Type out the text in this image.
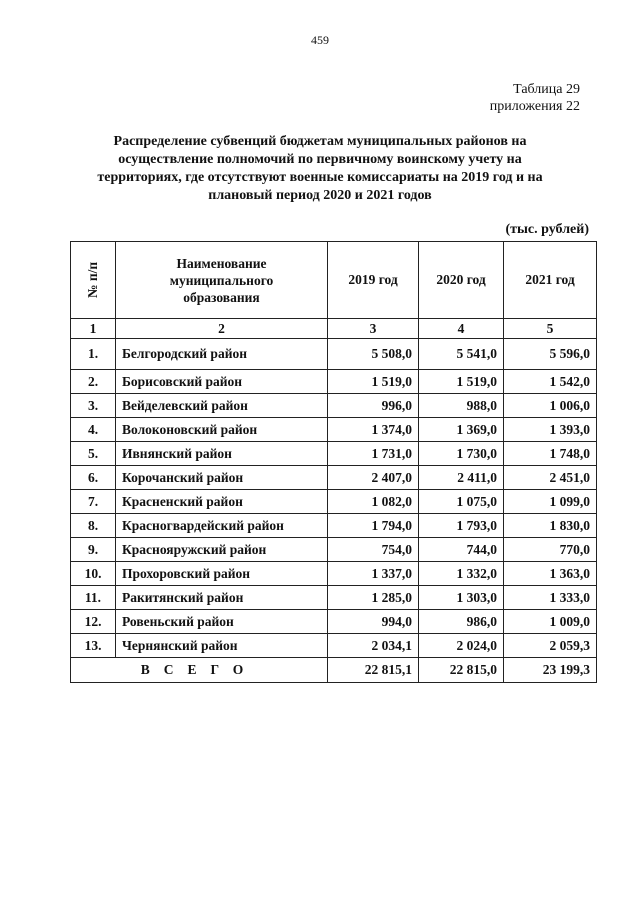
459
Таблица 29
приложения 22
Распределение субвенций бюджетам муниципальных районов на
осуществление полномочий по первичному воинскому учету на
территориях, где отсутствуют военные комиссариаты на 2019 год и на
плановый период 2020 и 2021 годов
(тыс. рублей)
№ п/п	Наименование
муниципального
образования	2019 год	2020 год	2021 год
1	2	3	4	5
1.	Белгородский район	5 508,0	5 541,0	5 596,0
2.	Борисовский район	1 519,0	1 519,0	1 542,0
3.	Вейделевский район	996,0	988,0	1 006,0
4.	Волоконовский район	1 374,0	1 369,0	1 393,0
5.	Ивнянский район	1 731,0	1 730,0	1 748,0
6.	Корочанский район	2 407,0	2 411,0	2 451,0
7.	Красненский район	1 082,0	1 075,0	1 099,0
8.	Красногвардейский район	1 794,0	1 793,0	1 830,0
9.	Краснояружский район	754,0	744,0	770,0
10.	Прохоровский район	1 337,0	1 332,0	1 363,0
11.	Ракитянский район	1 285,0	1 303,0	1 333,0
12.	Ровеньский район	994,0	986,0	1 009,0
13.	Чернянский район	2 034,1	2 024,0	2 059,3
ВСЕГО		22 815,1	22 815,0	23 199,3
